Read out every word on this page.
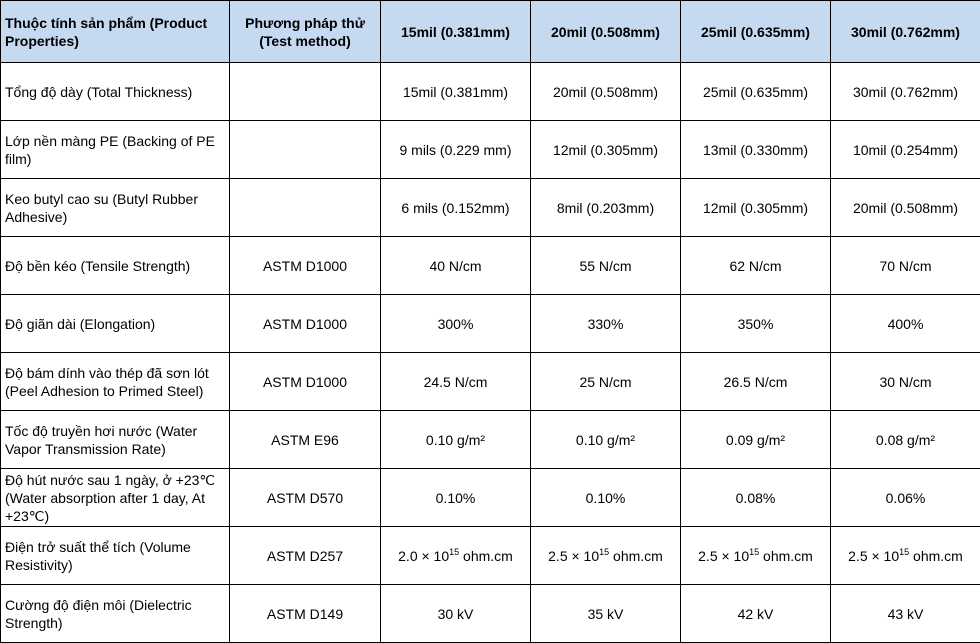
Thuộc tính sản phẩm (Product Properties)	Phương pháp thử (Test method)	15mil (0.381mm)	20mil (0.508mm)	25mil (0.635mm)	30mil (0.762mm)
Tổng độ dày (Total Thickness)		15mil (0.381mm)	20mil (0.508mm)	25mil (0.635mm)	30mil (0.762mm)
Lớp nền màng PE (Backing of PE film)		9 mils (0.229 mm)	12mil (0.305mm)	13mil (0.330mm)	10mil (0.254mm)
Keo butyl cao su (Butyl Rubber Adhesive)		6 mils (0.152mm)	8mil (0.203mm)	12mil (0.305mm)	20mil (0.508mm)
Độ bền kéo (Tensile Strength)	ASTM D1000	40 N/cm	55 N/cm	62 N/cm	70 N/cm
Độ giãn dài (Elongation)	ASTM D1000	300%	330%	350%	400%
Độ bám dính vào thép đã sơn lót (Peel Adhesion to Primed Steel)	ASTM D1000	24.5 N/cm	25 N/cm	26.5 N/cm	30 N/cm
Tốc độ truyền hơi nước (Water Vapor Transmission Rate)	ASTM E96	0.10 g/m²	0.10 g/m²	0.09 g/m²	0.08 g/m²
Độ hút nước sau 1 ngày, ở +23℃ (Water absorption after 1 day, At +23℃)	ASTM D570	0.10%	0.10%	0.08%	0.06%
Điện trở suất thể tích (Volume Resistivity)	ASTM D257	$2.0 \times 10^{15}$ ohm.cm	$2.5 \times 10^{15}$ ohm.cm	$2.5 \times 10^{15}$ ohm.cm	$2.5 \times 10^{15}$ ohm.cm
Cường độ điện môi (Dielectric Strength)	ASTM D149	30 kV	35 kV	42 kV	43 kV
